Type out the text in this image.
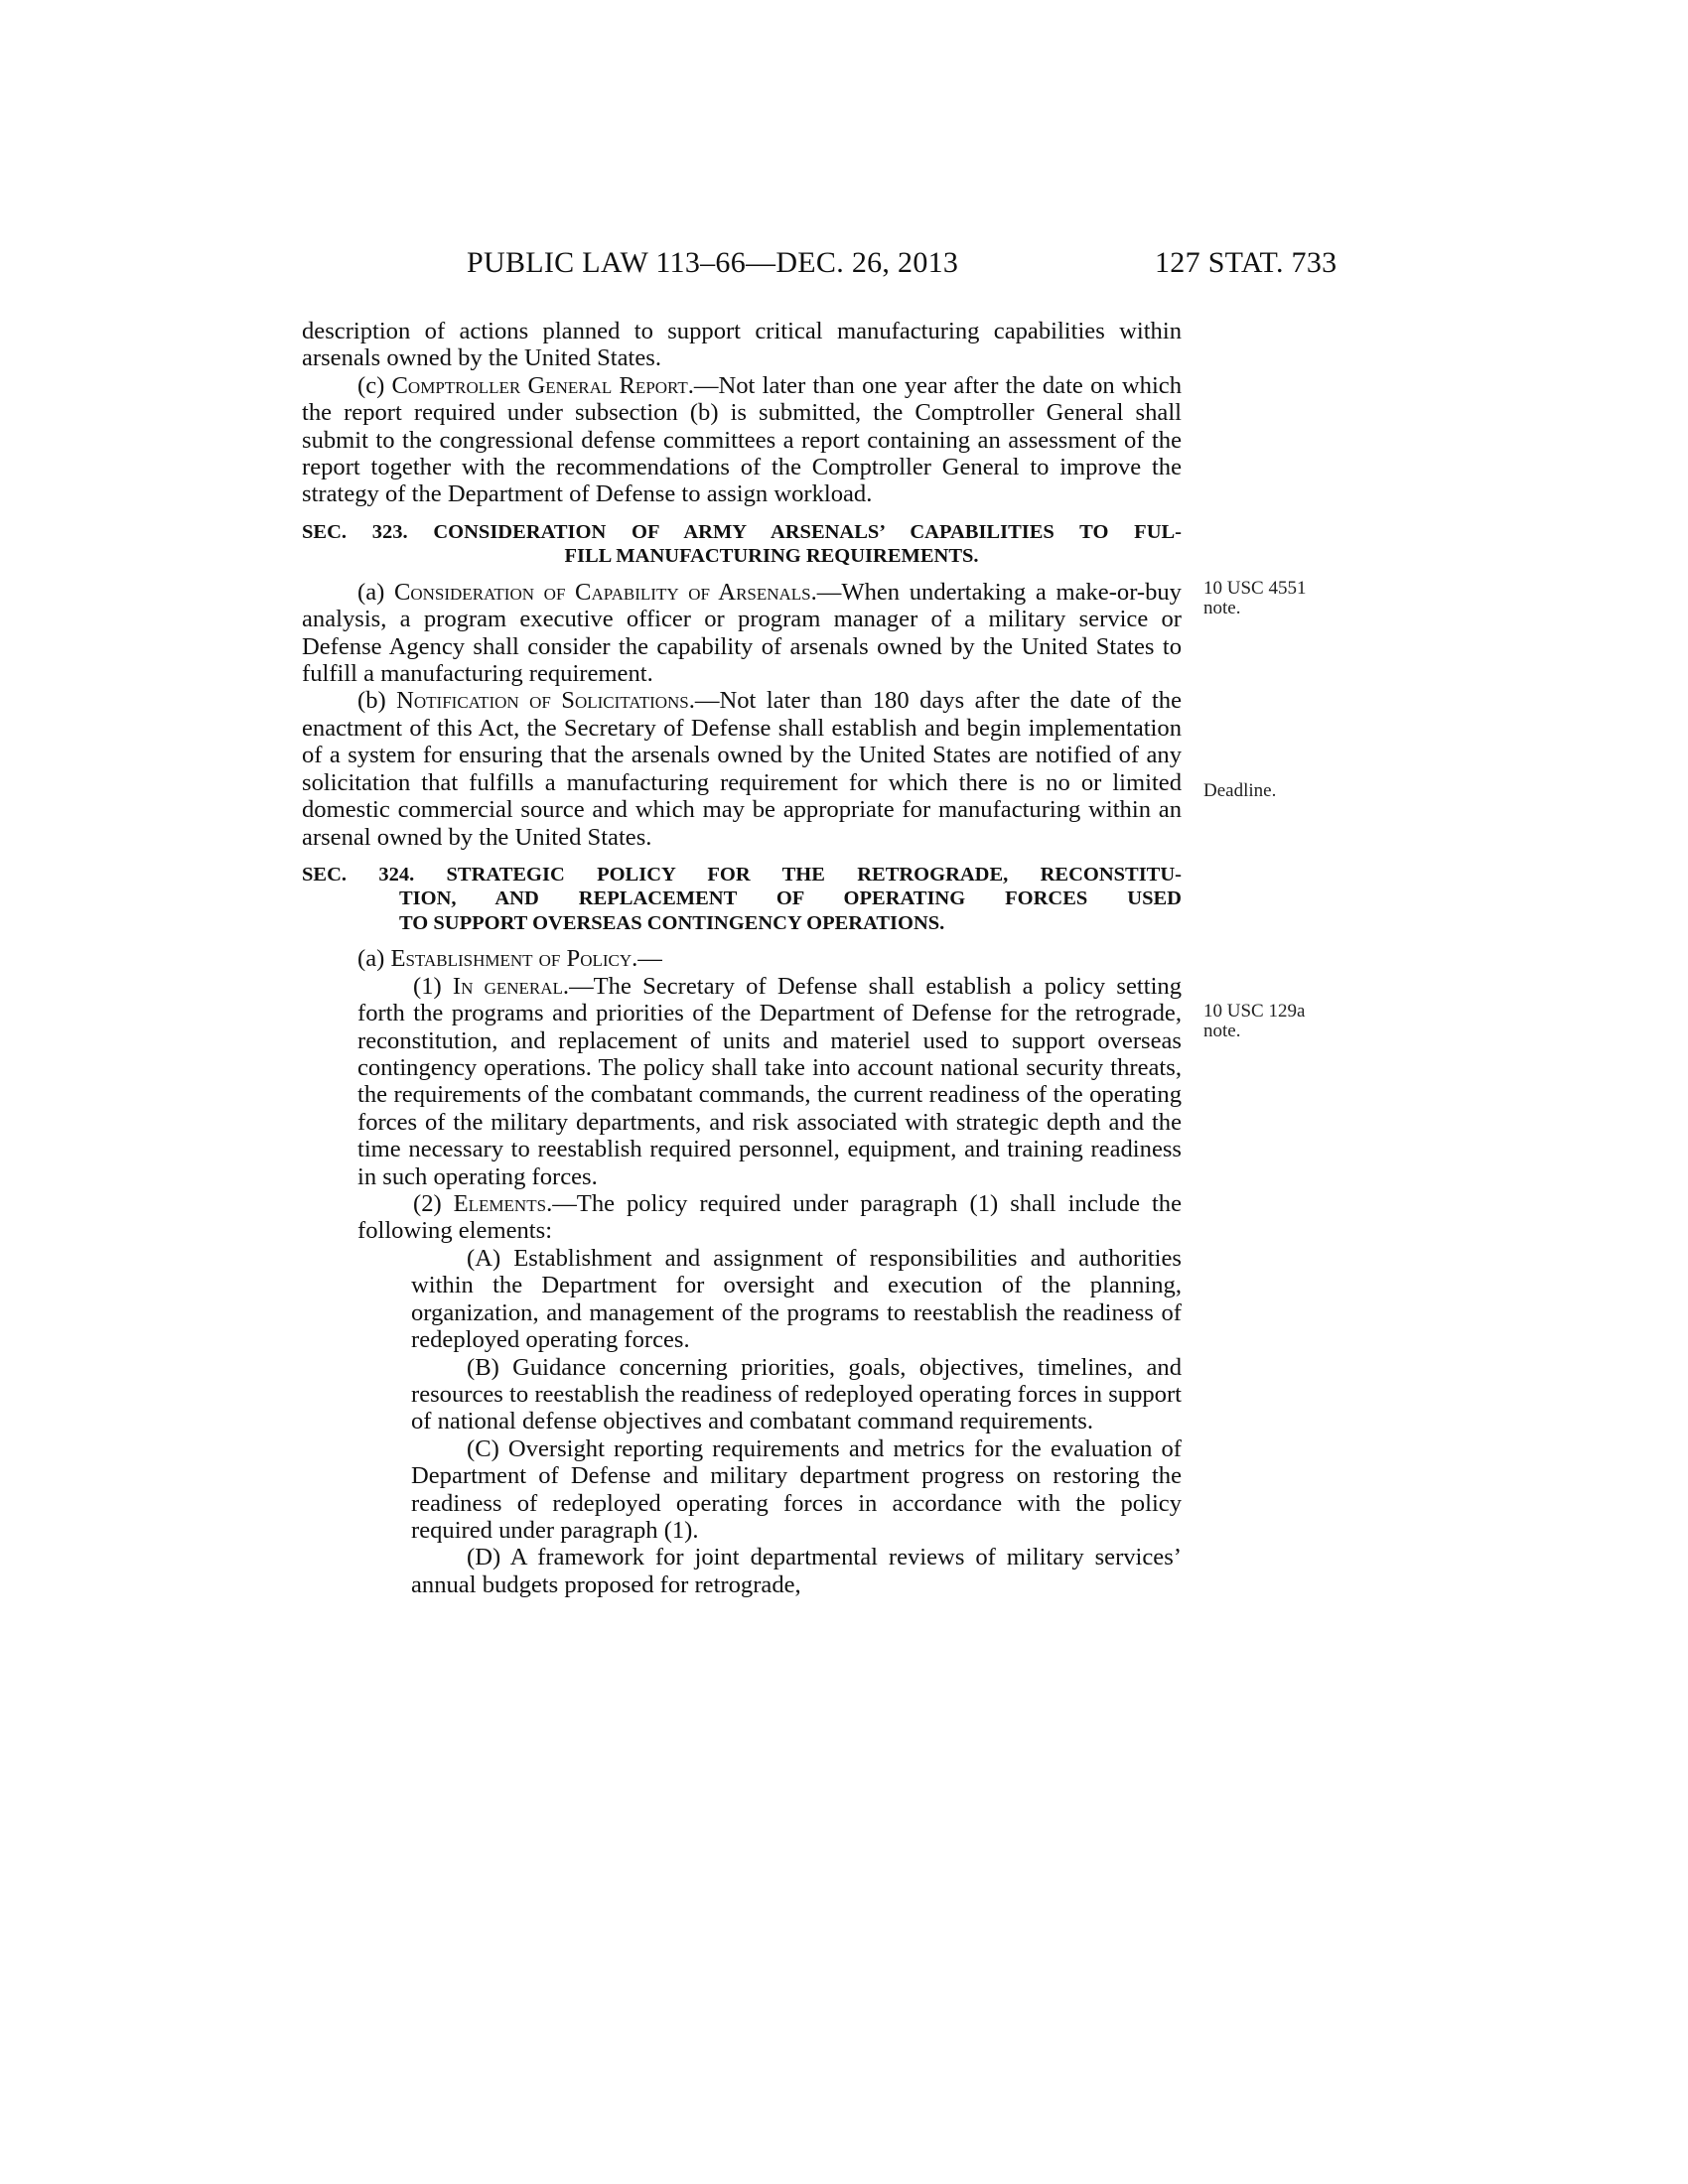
PUBLIC LAW 113–66—DEC. 26, 2013	127 STAT. 733

description of actions planned to support critical manufacturing capabilities within arsenals owned by the United States.

(c) Comptroller General Report.—Not later than one year after the date on which the report required under subsection (b) is submitted, the Comptroller General shall submit to the congressional defense committees a report containing an assessment of the report together with the recommendations of the Comptroller General to improve the strategy of the Department of Defense to assign workload.

SEC. 323. CONSIDERATION OF ARMY ARSENALS’ CAPABILITIES TO FUL-
FILL MANUFACTURING REQUIREMENTS.

(a) Consideration of Capability of Arsenals.—When undertaking a make-or-buy analysis, a program executive officer or program manager of a military service or Defense Agency shall consider the capability of arsenals owned by the United States to fulfill a manufacturing requirement.

(b) Notification of Solicitations.—Not later than 180 days after the date of the enactment of this Act, the Secretary of Defense shall establish and begin implementation of a system for ensuring that the arsenals owned by the United States are notified of any solicitation that fulfills a manufacturing requirement for which there is no or limited domestic commercial source and which may be appropriate for manufacturing within an arsenal owned by the United States.

SEC. 324. STRATEGIC POLICY FOR THE RETROGRADE, RECONSTITU-
TION, AND REPLACEMENT OF OPERATING FORCES USED
TO SUPPORT OVERSEAS CONTINGENCY OPERATIONS.

(a) Establishment of Policy.—

(1) In general.—The Secretary of Defense shall establish a policy setting forth the programs and priorities of the Department of Defense for the retrograde, reconstitution, and replacement of units and materiel used to support overseas contingency operations. The policy shall take into account national security threats, the requirements of the combatant commands, the current readiness of the operating forces of the military departments, and risk associated with strategic depth and the time necessary to reestablish required personnel, equipment, and training readiness in such operating forces.

(2) Elements.—The policy required under paragraph (1) shall include the following elements:

(A) Establishment and assignment of responsibilities and authorities within the Department for oversight and execution of the planning, organization, and management of the programs to reestablish the readiness of redeployed operating forces.

(B) Guidance concerning priorities, goals, objectives, timelines, and resources to reestablish the readiness of redeployed operating forces in support of national defense objectives and combatant command requirements.

(C) Oversight reporting requirements and metrics for the evaluation of Department of Defense and military department progress on restoring the readiness of redeployed operating forces in accordance with the policy required under paragraph (1).

(D) A framework for joint departmental reviews of military services’ annual budgets proposed for retrograde,

10 USC 4551
note.
Deadline.
10 USC 129a
note.
